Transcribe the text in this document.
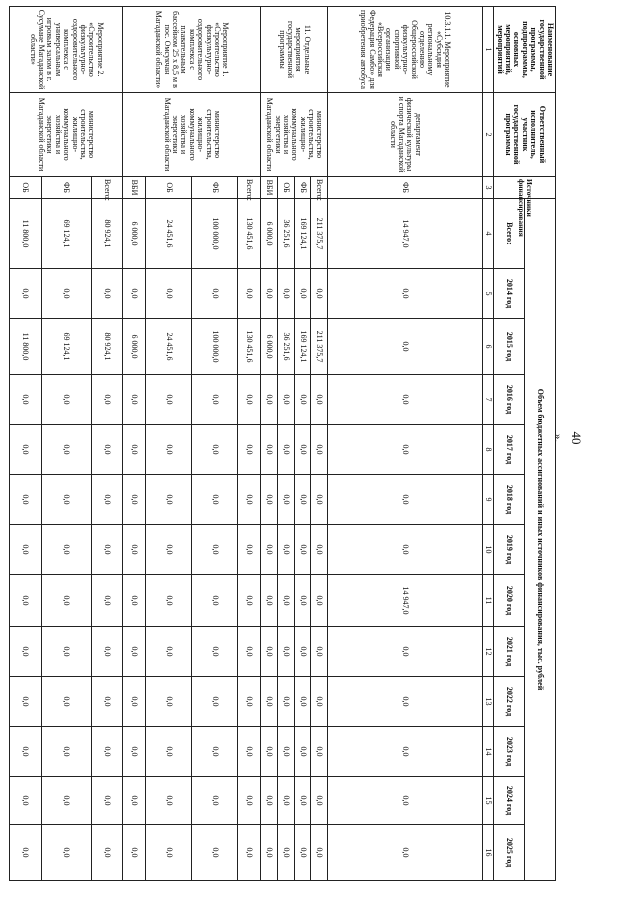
40
».
Наименование государственной программы, подпрограммы, основных мероприятий, мероприятий	Ответственный исполнитель, участник государственной программы	Источники финансирования	Объем бюджетных ассигнований и иных источников финансирования, тыс. рублей												
			Всего:	2014 год	2015 год	2016 год	2017 год	2018 год	2019 год	2020 год	2021 год	2022 год	2023 год	2024 год	2025 год
1	2	3	4	5	6	7	8	9	10	11	12	13	14	15	16
10.3.1.1. Мероприятие «Субсидия региональному отделению Общероссийской физкультурно-спортивной организации «Всероссийская Федерация Самбо» для приобретения автобуса	департамент физической культуры и спорта Магаданской области	ФБ	14 947,0	0,0	0,0	0,0	0,0	0,0	0,0	14 947,0	0,0	0,0	0,0	0,0	0,0
11. Отдельные мероприятия государственной программы	министерство строительства, жилищно-коммунального хозяйства и энергетики Магаданской области	Всего:	211 375,7	0,0	211 375,7	0,0	0,0	0,0	0,0	0,0	0,0	0,0	0,0	0,0	0,0
		ФБ	169 124,1	0,0	169 124,1	0,0	0,0	0,0	0,0	0,0	0,0	0,0	0,0	0,0	0,0
		ОБ	36 251,6	0,0	36 251,6	0,0	0,0	0,0	0,0	0,0	0,0	0,0	0,0	0,0	0,0
		ВБИ	6 000,0	0,0	6 000,0	0,0	0,0	0,0	0,0	0,0	0,0	0,0	0,0	0,0	0,0
Мероприятие 1. «Строительство физкультурно-оздоровительного комплекса с плавательным бассейном 25 х 8,5 м в пос. Омсукчан Магаданской области»	министерство строительства, жилищно-коммунального хозяйства и энергетики Магаданской области	Всего:	130 451,6	0,0	130 451,6	0,0	0,0	0,0	0,0	0,0	0,0	0,0	0,0	0,0	0,0
		ФБ	100 000,0	0,0	100 000,0	0,0	0,0	0,0	0,0	0,0	0,0	0,0	0,0	0,0	0,0
		ОБ	24 451,6	0,0	24 451,6	0,0	0,0	0,0	0,0	0,0	0,0	0,0	0,0	0,0	0,0
		ВБИ	6 000,0	0,0	6 000,0	0,0	0,0	0,0	0,0	0,0	0,0	0,0	0,0	0,0	0,0
Мероприятие 2. «Строительство физкультурно-оздоровительного комплекса с универсальным игровым залом в г. Сусумане Магаданской области»	министерство строительства, жилищно-коммунального хозяйства и энергетики Магаданской области	Всего:	80 924,1	0,0	80 924,1	0,0	0,0	0,0	0,0	0,0	0,0	0,0	0,0	0,0	0,0
		ФБ	69 124,1	0,0	69 124,1	0,0	0,0	0,0	0,0	0,0	0,0	0,0	0,0	0,0	0,0
		ОБ	11 800,0	0,0	11 800,0	0,0	0,0	0,0	0,0	0,0	0,0	0,0	0,0	0,0	0,0
